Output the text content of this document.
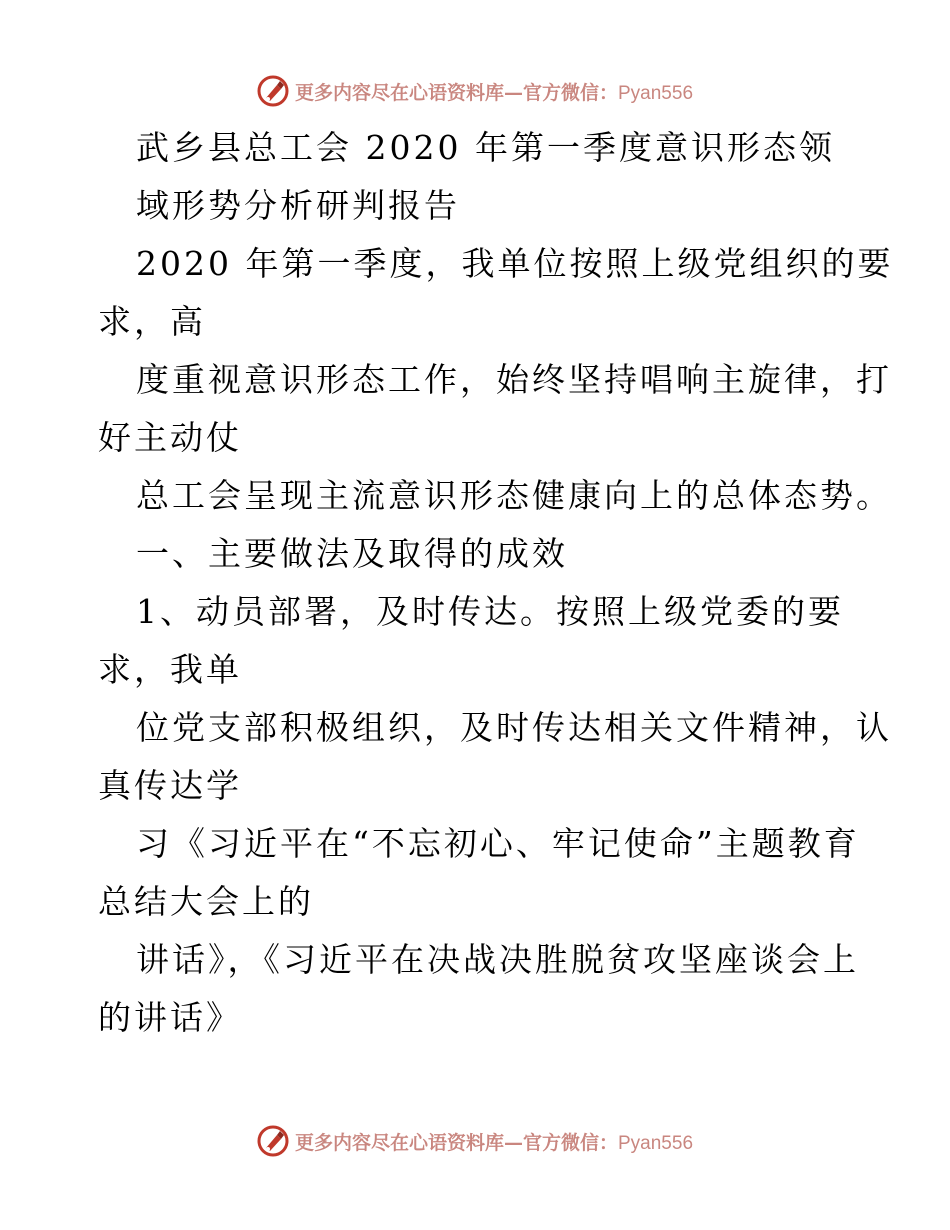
更多内容尽在心语资料库—官方微信：Pyan556
武乡县总工会 2020 年第一季度意识形态领
域形势分析研判报告
2020 年第一季度，我单位按照上级党组织的要
求，高
度重视意识形态工作，始终坚持唱响主旋律，打
好主动仗
总工会呈现主流意识形态健康向上的总体态势。
一、主要做法及取得的成效
1、动员部署，及时传达。按照上级党委的要
求，我单
位党支部积极组织，及时传达相关文件精神，认
真传达学
习《习近平在“不忘初心、牢记使命”主题教育
总结大会上的
讲话》，《习近平在决战决胜脱贫攻坚座谈会上
的讲话》
更多内容尽在心语资料库—官方微信：Pyan556
